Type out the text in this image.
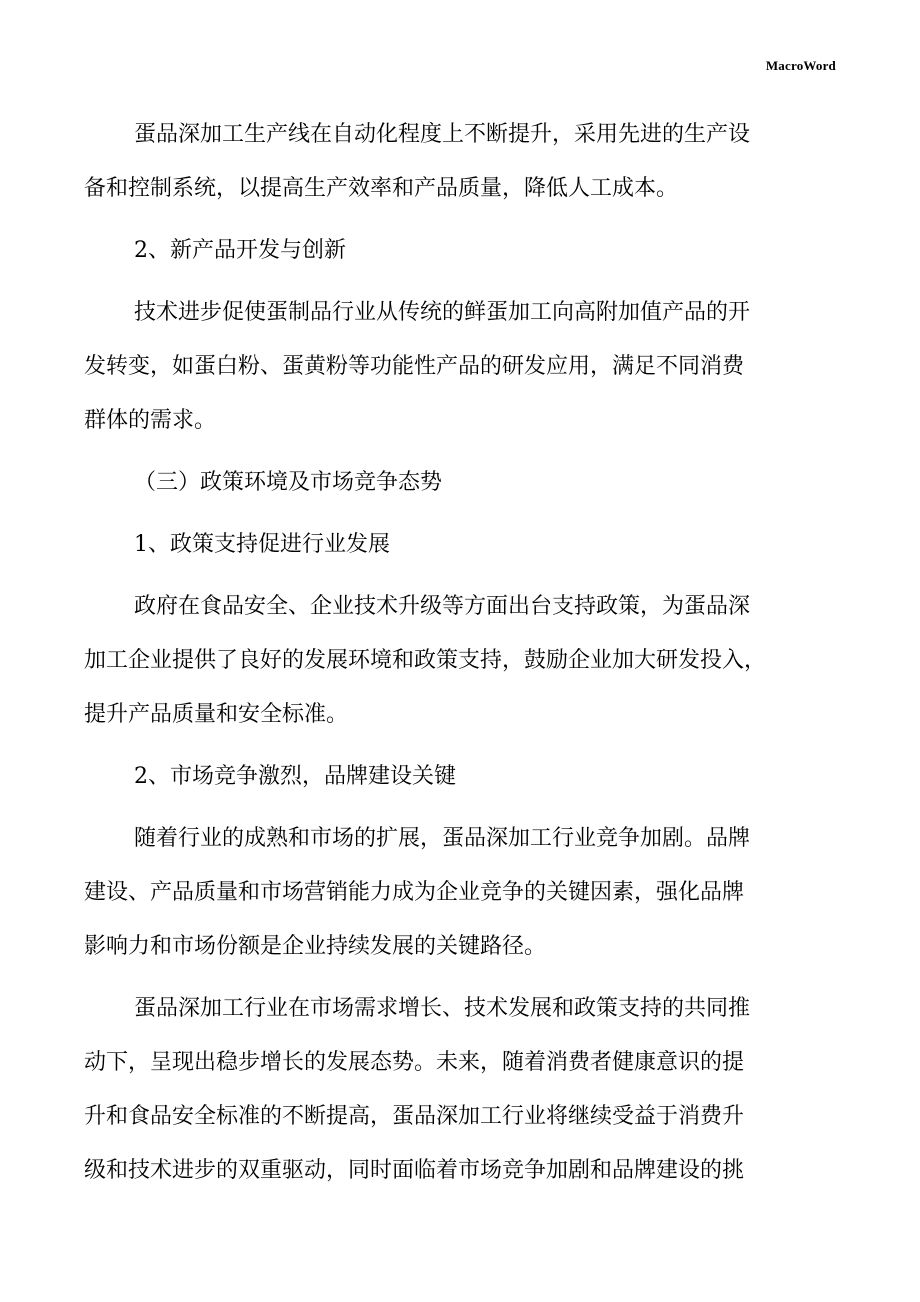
MacroWord
蛋品深加工生产线在自动化程度上不断提升，采用先进的生产设
备和控制系统，以提高生产效率和产品质量，降低人工成本。
2、新产品开发与创新
技术进步促使蛋制品行业从传统的鲜蛋加工向高附加值产品的开
发转变，如蛋白粉、蛋黄粉等功能性产品的研发应用，满足不同消费
群体的需求。
（三）政策环境及市场竞争态势
1、政策支持促进行业发展
政府在食品安全、企业技术升级等方面出台支持政策，为蛋品深
加工企业提供了良好的发展环境和政策支持，鼓励企业加大研发投入，
提升产品质量和安全标准。
2、市场竞争激烈，品牌建设关键
随着行业的成熟和市场的扩展，蛋品深加工行业竞争加剧。品牌
建设、产品质量和市场营销能力成为企业竞争的关键因素，强化品牌
影响力和市场份额是企业持续发展的关键路径。
蛋品深加工行业在市场需求增长、技术发展和政策支持的共同推
动下，呈现出稳步增长的发展态势。未来，随着消费者健康意识的提
升和食品安全标准的不断提高，蛋品深加工行业将继续受益于消费升
级和技术进步的双重驱动，同时面临着市场竞争加剧和品牌建设的挑
